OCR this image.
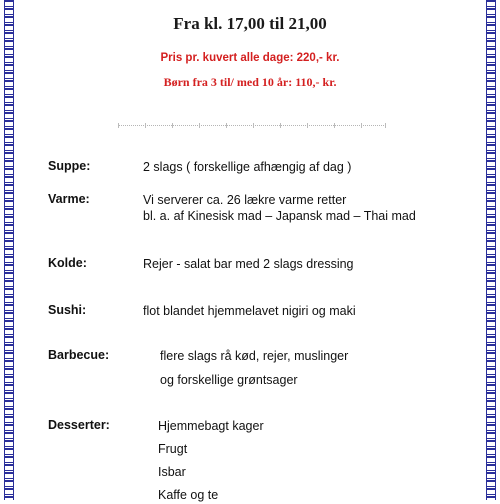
Fra kl. 17,00 til 21,00
Pris pr. kuvert alle dage: 220,- kr.
Børn fra 3 til/ med 10 år: 110,- kr.
Suppe:	2 slags ( forskellige afhængig af dag )
Varme:	Vi serverer ca. 26 lækre varme retter
bl. a. af Kinesisk mad – Japansk mad – Thai mad
Kolde:	Rejer - salat bar med 2 slags dressing
Sushi:	flot blandet hjemmelavet nigiri og maki
Barbecue:	flere slags rå kød, rejer, muslinger
og forskellige grøntsager
Desserter:	Hjemmebagt kager
Frugt
Isbar
Kaffe og te
